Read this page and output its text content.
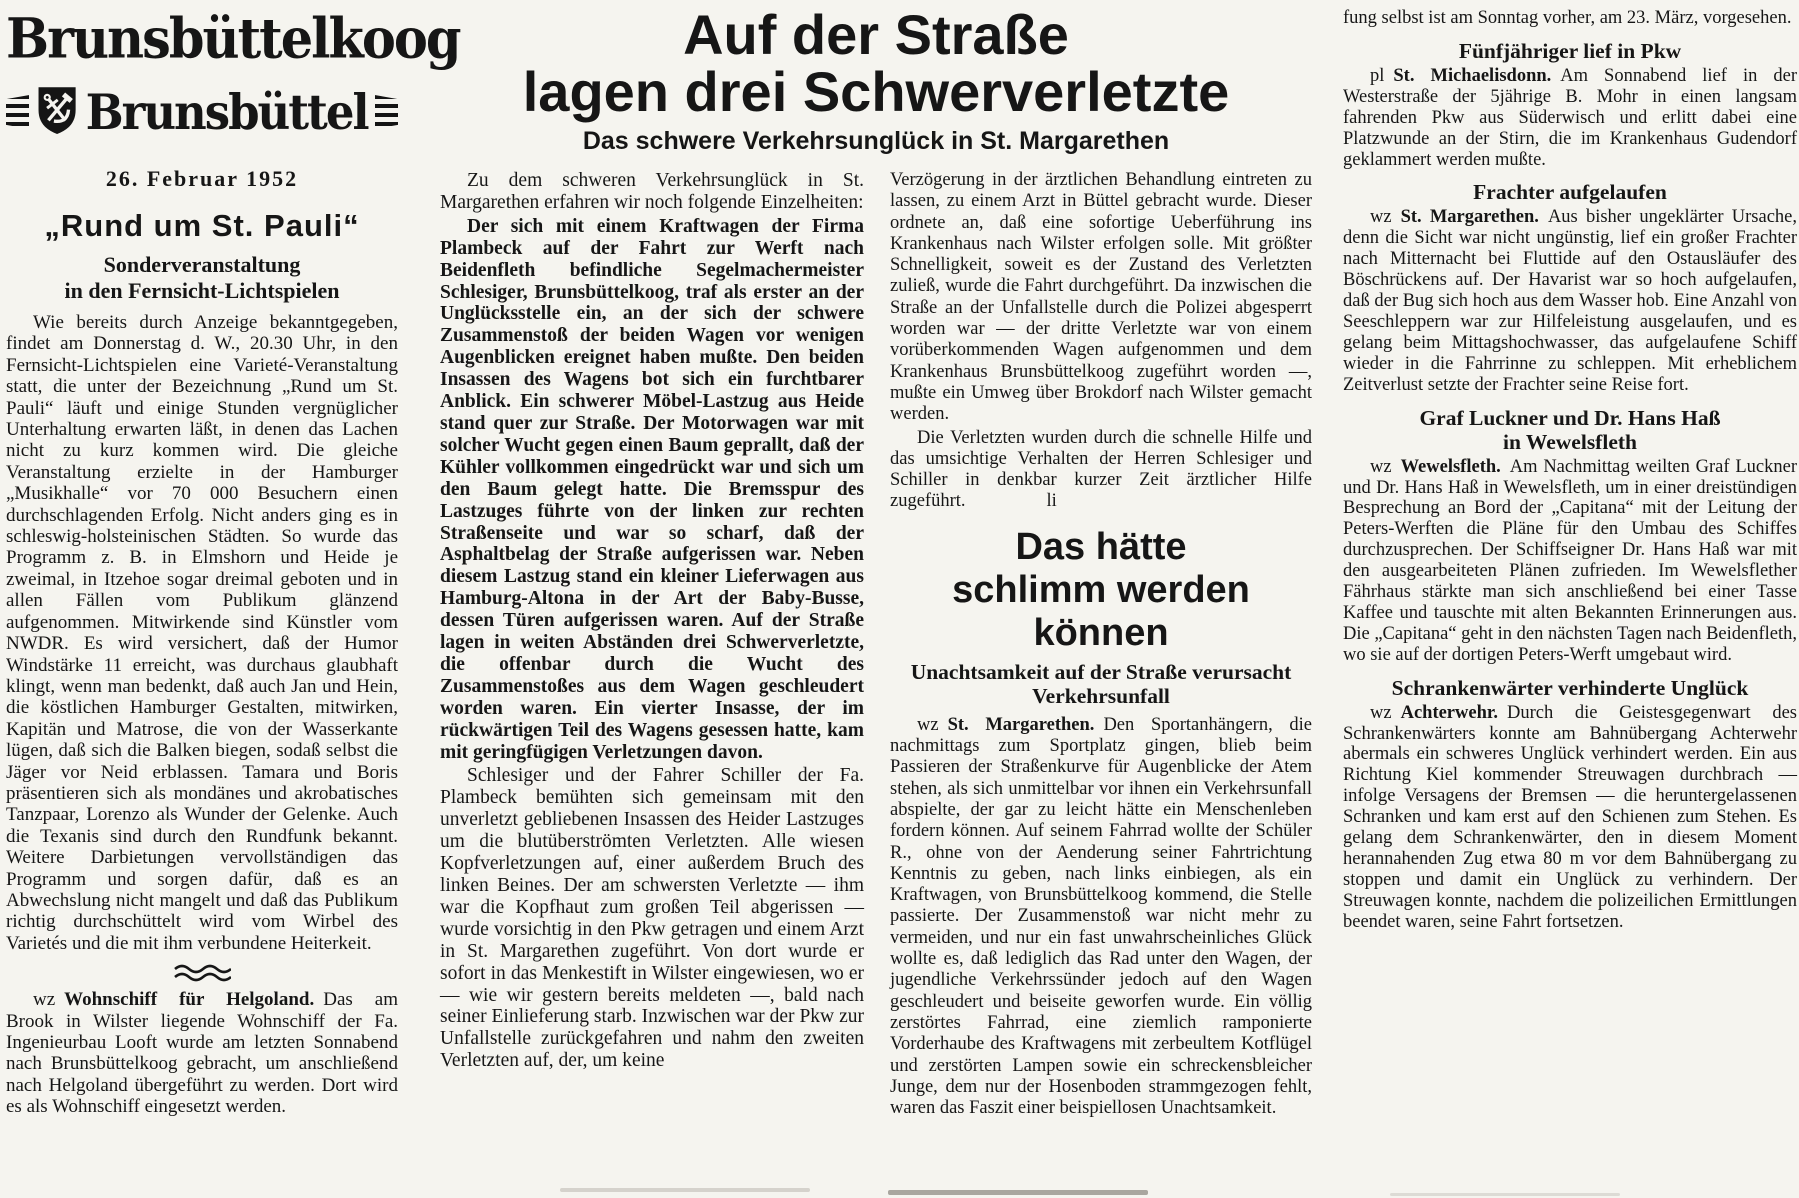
Brunsbüttelkoog
Brunsbüttel
26. Februar 1952
„Rund um St. Pauli“
Sonderveranstaltung
in den Fernsicht-Lichtspielen

Wie bereits durch Anzeige bekanntgegeben, findet am Donnerstag d. W., 20.30 Uhr, in den Fernsicht-Lichtspielen eine Varieté-Veranstaltung statt, die unter der Bezeichnung „Rund um St. Pauli“ läuft und einige Stunden vergnüglicher Unterhaltung erwarten läßt, in denen das Lachen nicht zu kurz kommen wird. Die gleiche Veranstaltung erzielte in der Hamburger „Musikhalle“ vor 70 000 Besuchern einen durchschlagenden Erfolg. Nicht anders ging es in schleswig-holsteinischen Städten. So wurde das Programm z. B. in Elmshorn und Heide je zweimal, in Itzehoe sogar dreimal geboten und in allen Fällen vom Publikum glänzend aufgenommen. Mitwirkende sind Künstler vom NWDR. Es wird versichert, daß der Humor Windstärke 11 erreicht, was durchaus glaubhaft klingt, wenn man bedenkt, daß auch Jan und Hein, die köstlichen Hamburger Gestalten, mitwirken, Kapitän und Matrose, die von der Wasserkante lügen, daß sich die Balken biegen, sodaß selbst die Jäger vor Neid erblassen. Tamara und Boris präsentieren sich als mondänes und akrobatisches Tanzpaar, Lorenzo als Wunder der Gelenke. Auch die Texanis sind durch den Rundfunk bekannt. Weitere Darbietungen vervollständigen das Programm und sorgen dafür, daß es an Abwechslung nicht mangelt und daß das Publikum richtig durchschüttelt wird vom Wirbel des Varietés und die mit ihm verbundene Heiterkeit.

wz Wohnschiff für Helgoland. Das am Brook in Wilster liegende Wohnschiff der Fa. Ingenieurbau Looft wurde am letzten Sonnabend nach Brunsbüttelkoog gebracht, um anschließend nach Helgoland übergeführt zu werden. Dort wird es als Wohnschiff eingesetzt werden.

Auf der Straße
lagen drei Schwerverletzte
Das schwere Verkehrsunglück in St. Margarethen

Zu dem schweren Verkehrsunglück in St. Margarethen erfahren wir noch folgende Einzelheiten:

Der sich mit einem Kraftwagen der Firma Plambeck auf der Fahrt zur Werft nach Beidenfleth befindliche Segelmachermeister Schlesiger, Brunsbüttelkoog, traf als erster an der Unglücksstelle ein, an der sich der schwere Zusammenstoß der beiden Wagen vor wenigen Augenblicken ereignet haben mußte. Den beiden Insassen des Wagens bot sich ein furchtbarer Anblick. Ein schwerer Möbel-Lastzug aus Heide stand quer zur Straße. Der Motorwagen war mit solcher Wucht gegen einen Baum geprallt, daß der Kühler vollkommen eingedrückt war und sich um den Baum gelegt hatte. Die Bremsspur des Lastzuges führte von der linken zur rechten Straßenseite und war so scharf, daß der Asphaltbelag der Straße aufgerissen war. Neben diesem Lastzug stand ein kleiner Lieferwagen aus Hamburg-Altona in der Art der Baby-Busse, dessen Türen aufgerissen waren. Auf der Straße lagen in weiten Abständen drei Schwerverletzte, die offenbar durch die Wucht des Zusammenstoßes aus dem Wagen geschleudert worden waren. Ein vierter Insasse, der im rückwärtigen Teil des Wagens gesessen hatte, kam mit geringfügigen Verletzungen davon.

Schlesiger und der Fahrer Schiller der Fa. Plambeck bemühten sich gemeinsam mit den unverletzt gebliebenen Insassen des Heider Lastzuges um die blutüberströmten Verletzten. Alle wiesen Kopfverletzungen auf, einer außerdem Bruch des linken Beines. Der am schwersten Verletzte — ihm war die Kopfhaut zum großen Teil abgerissen — wurde vorsichtig in den Pkw getragen und einem Arzt in St. Margarethen zugeführt. Von dort wurde er sofort in das Menkestift in Wilster eingewiesen, wo er — wie wir gestern bereits meldeten —, bald nach seiner Einlieferung starb. Inzwischen war der Pkw zur Unfallstelle zurückgefahren und nahm den zweiten Verletzten auf, der, um keine

Verzögerung in der ärztlichen Behandlung eintreten zu lassen, zu einem Arzt in Büttel gebracht wurde. Dieser ordnete an, daß eine sofortige Ueberführung ins Krankenhaus nach Wilster erfolgen solle. Mit größter Schnelligkeit, soweit es der Zustand des Verletzten zuließ, wurde die Fahrt durchgeführt. Da inzwischen die Straße an der Unfallstelle durch die Polizei abgesperrt worden war — der dritte Verletzte war von einem vorüberkommenden Wagen aufgenommen und dem Krankenhaus Brunsbüttelkoog zugeführt worden —, mußte ein Umweg über Brokdorf nach Wilster gemacht werden.

Die Verletzten wurden durch die schnelle Hilfe und das umsichtige Verhalten der Herren Schlesiger und Schiller in denkbar kurzer Zeit ärztlicher Hilfe zugeführt.	li

Das hätte
schlimm werden können
Unachtsamkeit auf der Straße verursacht
Verkehrsunfall

wz St. Margarethen. Den Sportanhängern, die nachmittags zum Sportplatz gingen, blieb beim Passieren der Straßenkurve für Augenblicke der Atem stehen, als sich unmittelbar vor ihnen ein Verkehrsunfall abspielte, der gar zu leicht hätte ein Menschenleben fordern können. Auf seinem Fahrrad wollte der Schüler R., ohne von der Aenderung seiner Fahrtrichtung Kenntnis zu geben, nach links einbiegen, als ein Kraftwagen, von Brunsbüttelkoog kommend, die Stelle passierte. Der Zusammenstoß war nicht mehr zu vermeiden, und nur ein fast unwahrscheinliches Glück wollte es, daß lediglich das Rad unter den Wagen, der jugendliche Verkehrssünder jedoch auf den Wagen geschleudert und beiseite geworfen wurde. Ein völlig zerstörtes Fahrrad, eine ziemlich ramponierte Vorderhaube des Kraftwagens mit zerbeultem Kotflügel und zerstörten Lampen sowie ein schreckensbleicher Junge, dem nur der Hosenboden strammgezogen fehlt, waren das Faszit einer beispiellosen Unachtsamkeit.

fung selbst ist am Sonntag vorher, am 23. März, vorgesehen.

Fünfjähriger lief in Pkw

pl St. Michaelisdonn. Am Sonnabend lief in der Westerstraße der 5jährige B. Mohr in einen langsam fahrenden Pkw aus Süderwisch und erlitt dabei eine Platzwunde an der Stirn, die im Krankenhaus Gudendorf geklammert werden mußte.

Frachter aufgelaufen

wz St. Margarethen. Aus bisher ungeklärter Ursache, denn die Sicht war nicht ungünstig, lief ein großer Frachter nach Mitternacht bei Fluttide auf den Ostausläufer des Böschrückens auf. Der Havarist war so hoch aufgelaufen, daß der Bug sich hoch aus dem Wasser hob. Eine Anzahl von Seeschleppern war zur Hilfeleistung ausgelaufen, und es gelang beim Mittagshochwasser, das aufgelaufene Schiff wieder in die Fahrrinne zu schleppen. Mit erheblichem Zeitverlust setzte der Frachter seine Reise fort.

Graf Luckner und Dr. Hans Haß
in Wewelsfleth

wz Wewelsfleth. Am Nachmittag weilten Graf Luckner und Dr. Hans Haß in Wewelsfleth, um in einer dreistündigen Besprechung an Bord der „Capitana“ mit der Leitung der Peters-Werften die Pläne für den Umbau des Schiffes durchzusprechen. Der Schiffseigner Dr. Hans Haß war mit den ausgearbeiteten Plänen zufrieden. Im Wewelsflether Fährhaus stärkte man sich anschließend bei einer Tasse Kaffee und tauschte mit alten Bekannten Erinnerungen aus. Die „Capitana“ geht in den nächsten Tagen nach Beidenfleth, wo sie auf der dortigen Peters-Werft umgebaut wird.

Schrankenwärter verhinderte Unglück

wz Achterwehr. Durch die Geistesgegenwart des Schrankenwärters konnte am Bahnübergang Achterwehr abermals ein schweres Unglück verhindert werden. Ein aus Richtung Kiel kommender Streuwagen durchbrach — infolge Versagens der Bremsen — die heruntergelassenen Schranken und kam erst auf den Schienen zum Stehen. Es gelang dem Schrankenwärter, den in diesem Moment herannahenden Zug etwa 80 m vor dem Bahnübergang zu stoppen und damit ein Unglück zu verhindern. Der Streuwagen konnte, nachdem die polizeilichen Ermittlungen beendet waren, seine Fahrt fortsetzen.
